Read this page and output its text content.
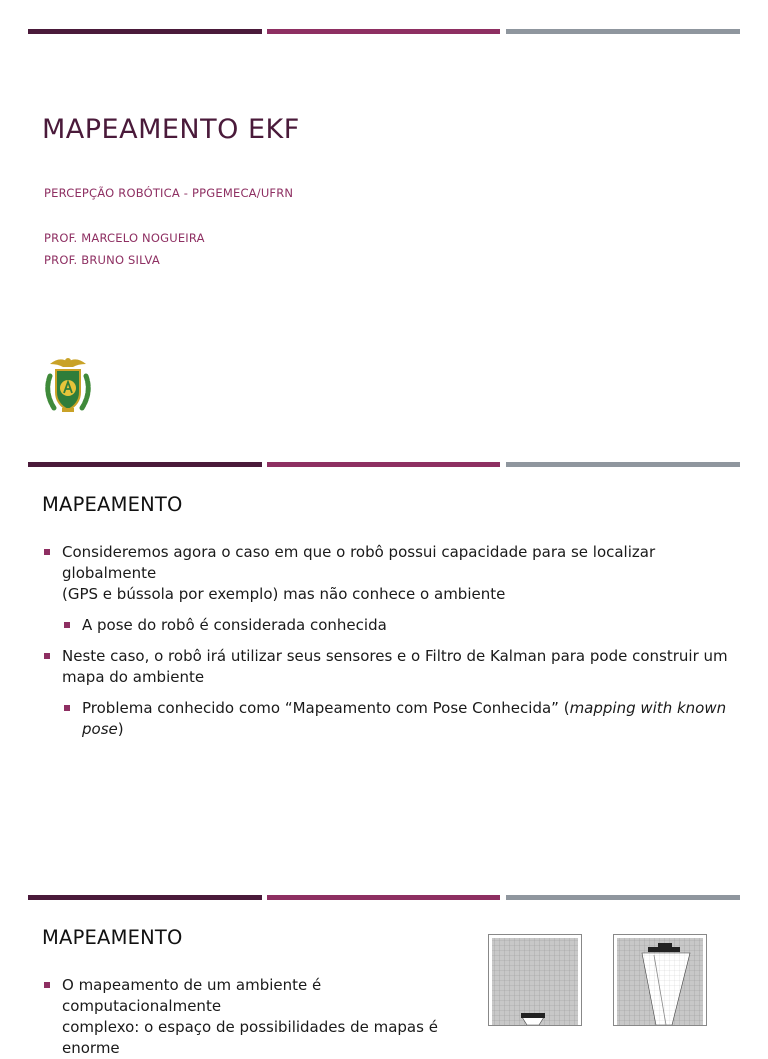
MAPEAMENTO EKF

PERCEPÇÃO ROBÓTICA - PPGEMECA/UFRN

PROF. MARCELO NOGUEIRA

PROF. BRUNO SILVA

MAPEAMENTO
Consideremos agora o caso em que o robô possui capacidade para se localizar globalmente
(GPS e bússola por exemplo) mas não conhece o ambiente
A pose do robô é considerada conhecida
Neste caso, o robô irá utilizar seus sensores e o Filtro de Kalman para pode construir um
mapa do ambiente
Problema conhecido como “Mapeamento com Pose Conhecida” (mapping with known
pose)
MAPEAMENTO
O mapeamento de um ambiente é computacionalmente
complexo: o espaço de possibilidades de mapas é enorme
